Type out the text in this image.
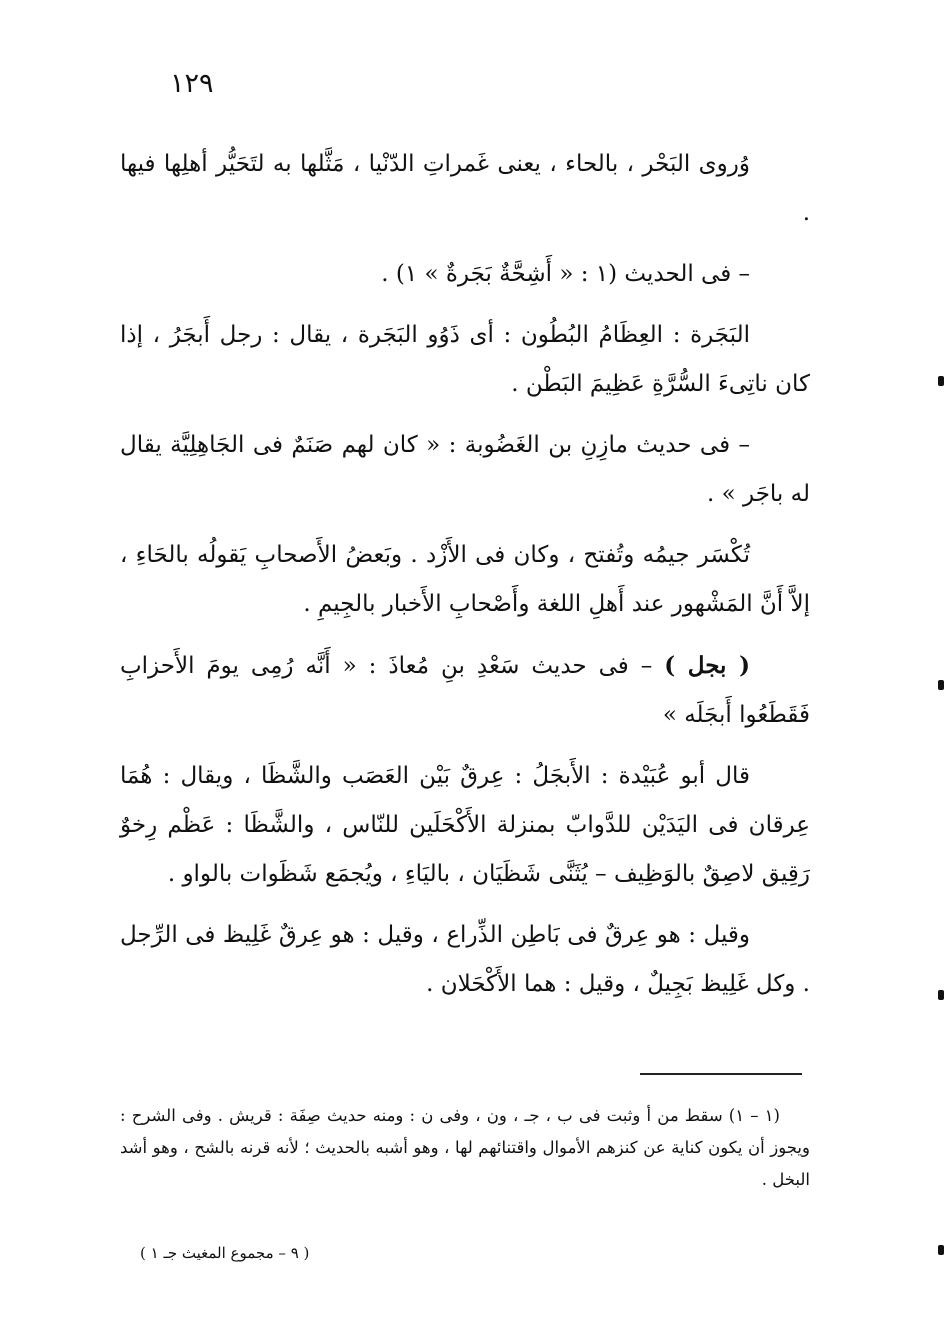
١٢٩

وُروى البَحْر ، بالحاء ، يعنى غَمراتِ الدّنْيا ، مَثَّلها به لتَحَيُّر أهلِها فيها .

– فى الحديث (١ : « أَشِحَّةٌ بَجَرةٌ » ١) .

البَجَرة : العِظَامُ البُطُون : أى ذَوُو البَجَرة ، يقال : رجل أَبجَرُ ، إذا كان ناتِىءَ السُّرَّةِ عَظِيمَ البَطْن .

– فى حديث مازِنِ بن الغَضُوبة : « كان لهم صَنَمٌ فى الجَاهِلِيَّة يقال له باجَر » .

تُكْسَر جيمُه وتُفتح ، وكان فى الأَزْد . وبَعضُ الأَصحابِ يَقولُه بالحَاءِ ، إلاَّ أَنَّ المَشْهور عند أَهلِ اللغة وأَصْحابِ الأَخبار بالجِيمِ .

( بجل ) – فى حديث سَعْدِ بنِ مُعاذَ : « أَنَّه رُمِى يومَ الأَحزابِ فَقَطَعُوا أَبجَلَه »

قال أبو عُبَيْدة : الأَبجَلُ : عِرقٌ بَيْن العَصَب والشَّظَا ، ويقال : هُمَا عِرقان فى اليَدَيْن للدَّوابّ بمنزلة الأَكْحَلَين للنّاس ، والشَّظَا : عَظْم رِخوٌ رَقِيق لاصِقٌ بالوَظِيف – يُثَنَّى شَظَيَان ، باليَاءِ ، ويُجمَع شَظَوات بالواو .

وقيل : هو عِرقٌ فى بَاطِن الذِّراع ، وقيل : هو عِرقٌ غَلِيظ فى الرِّجل . وكل غَلِيظ بَجِيلٌ ، وقيل : هما الأَكْحَلان .

(١ – ١) سقط من أ وثبت فى ب ، جـ ، ون ، وفى ن : ومنه حديث صِفَة : قريش . وفى الشرح : ويجوز أن يكون كناية عن كنزهم الأموال واقتنائهم لها ، وهو أشبه بالحديث ؛ لأنه قرنه بالشح ، وهو أشد البخل .

( ٩ – مجموع المغيث جـ ١ )
